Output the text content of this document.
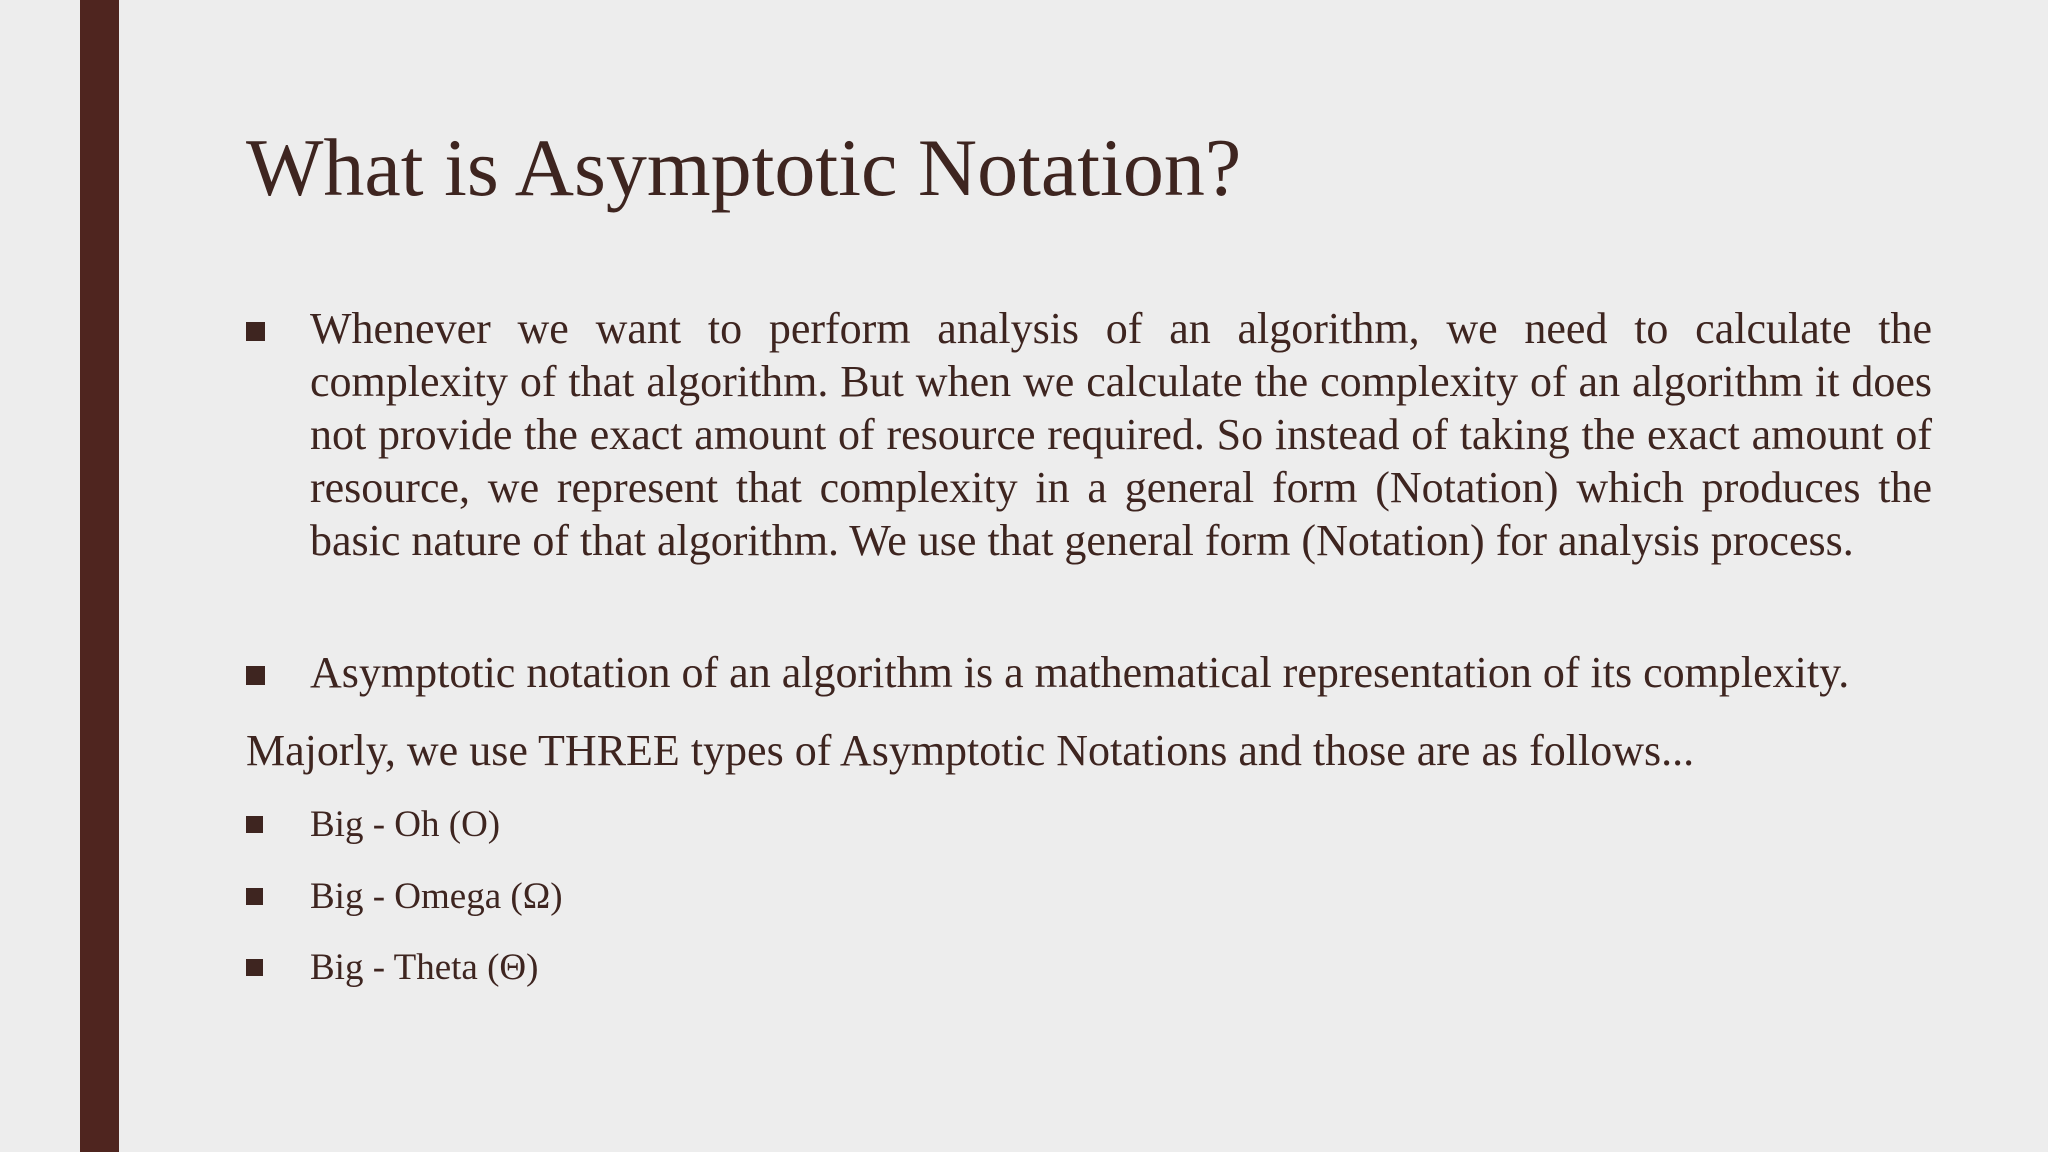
What is Asymptotic Notation?
Whenever we want to perform analysis of an algorithm, we need to calculate the complexity of that algorithm. But when we calculate the complexity of an algorithm it does not provide the exact amount of resource required. So instead of taking the exact amount of resource, we represent that complexity in a general form (Notation) which produces the basic nature of that algorithm. We use that general form (Notation) for analysis process.
Asymptotic notation of an algorithm is a mathematical representation of its complexity.
Majorly, we use THREE types of Asymptotic Notations and those are as follows...
Big - Oh (O)
Big - Omega (Ω)
Big - Theta (Θ)
